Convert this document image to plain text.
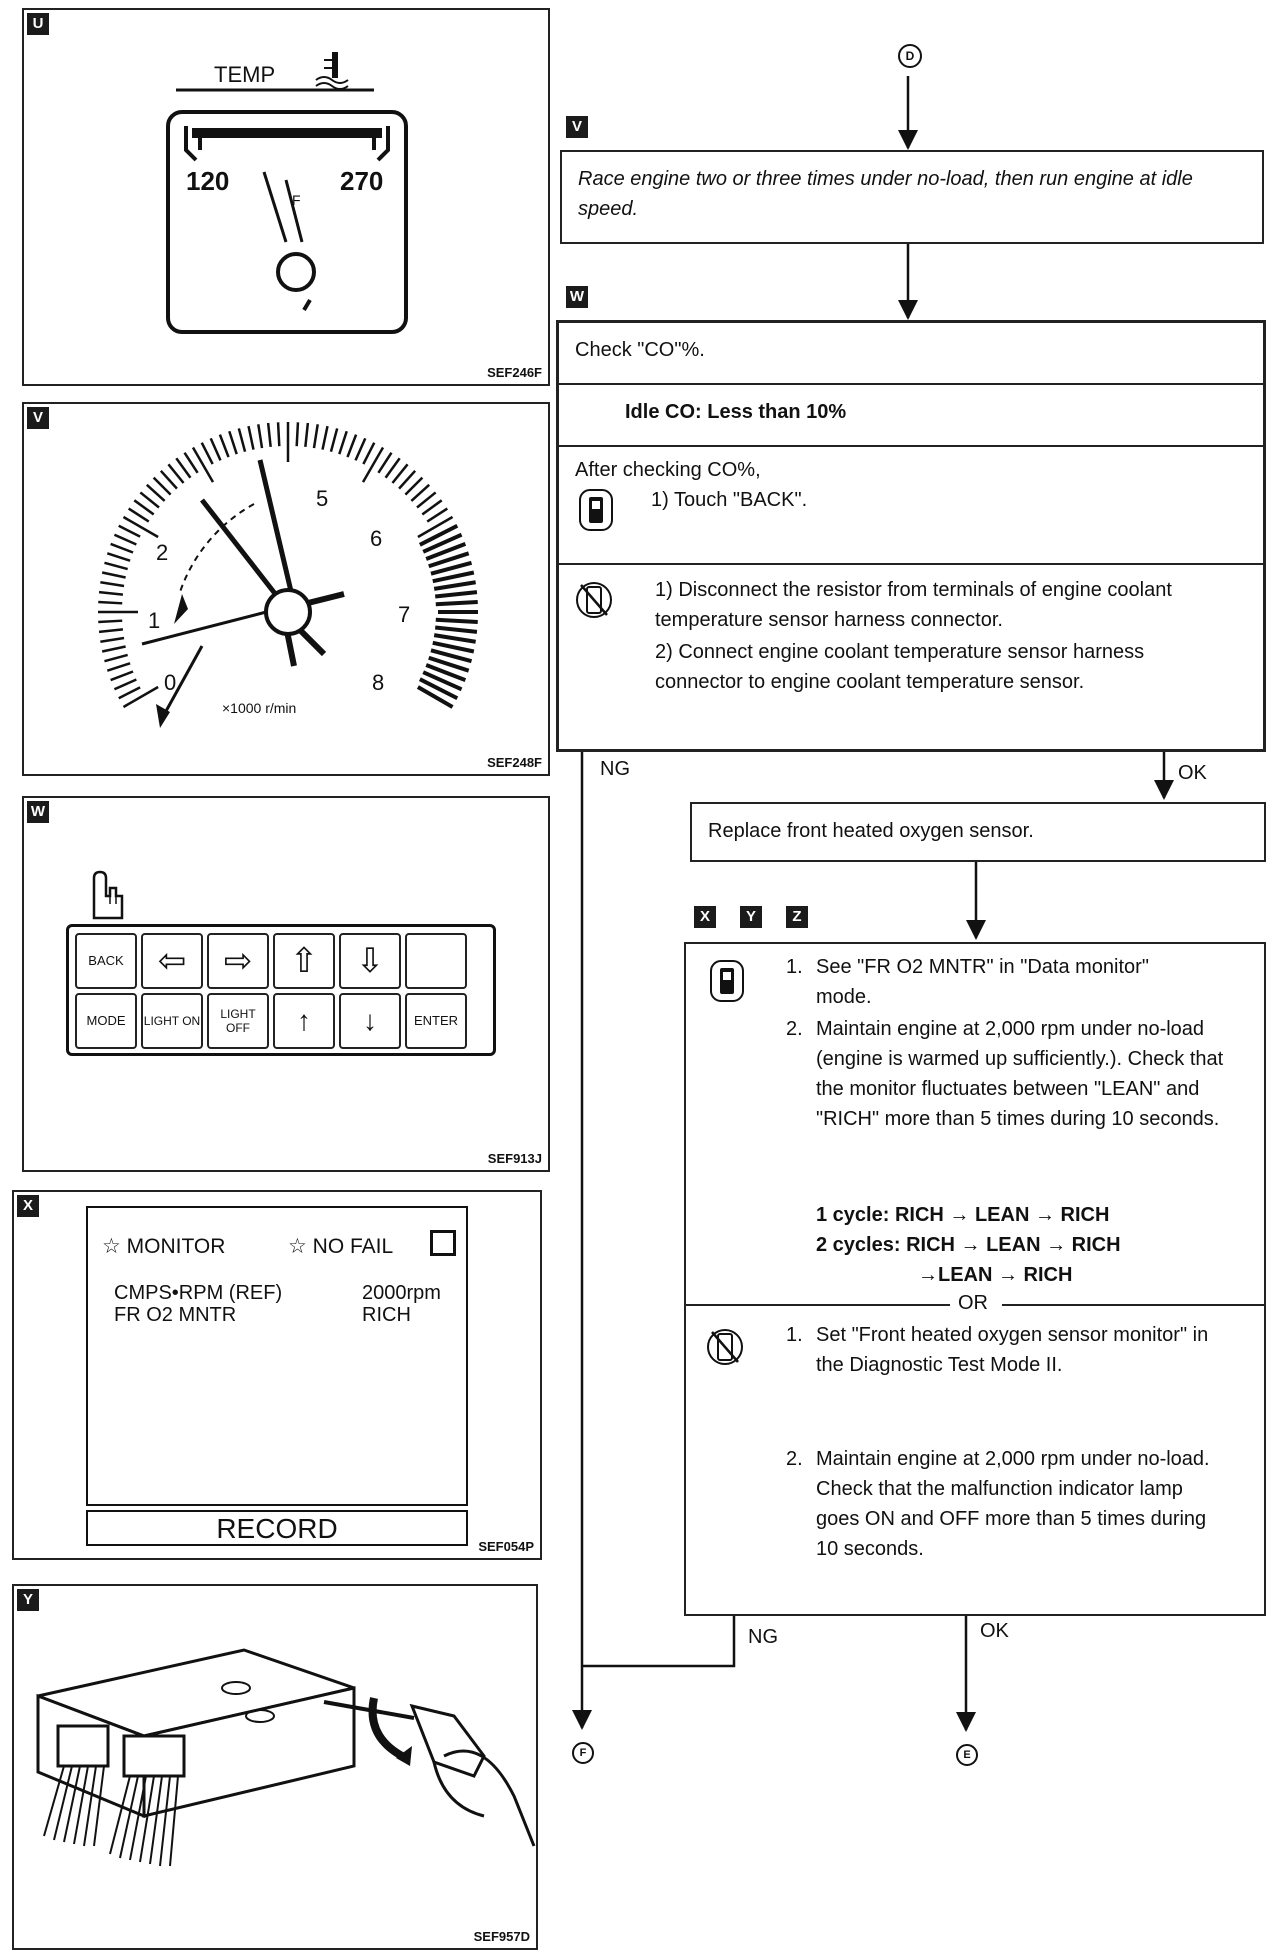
U
TEMP
120	270
F
SEF246F
V
0
1
2
5
6
7
8
×1000 r/min
SEF248F
W
BACK	⇦	⇨	⇧	⇩
MODE	LIGHT ON	LIGHT OFF	↑	↓	ENTER
SEF913J
X
☆ MONITOR	☆ NO FAIL
CMPS•RPM (REF)	2000rpm
FR O2 MNTR	RICH
RECORD
SEF054P
Y
SEF957D
D
V
Race engine two or three times under no-load, then run engine at idle speed.
W
Check "CO"%.
Idle CO: Less than 10%
After checking CO%,
1) Touch "BACK".
1) Disconnect the resistor from terminals of engine coolant temperature sensor harness connector.
2) Connect engine coolant temperature sensor harness connector to engine coolant temperature sensor.
NG	OK
Replace front heated oxygen sensor.
X	Y	Z
1. See "FR O2 MNTR" in "Data monitor" mode.
2. Maintain engine at 2,000 rpm under no-load (engine is warmed up sufficiently.). Check that the monitor fluctuates between "LEAN" and "RICH" more than 5 times during 10 seconds.
1 cycle: RICH → LEAN → RICH
2 cycles: RICH → LEAN → RICH
→LEAN → RICH
OR
1. Set "Front heated oxygen sensor monitor" in the Diagnostic Test Mode II.
2. Maintain engine at 2,000 rpm under no-load. Check that the malfunction indicator lamp goes ON and OFF more than 5 times during 10 seconds.
NG	OK
F	E
